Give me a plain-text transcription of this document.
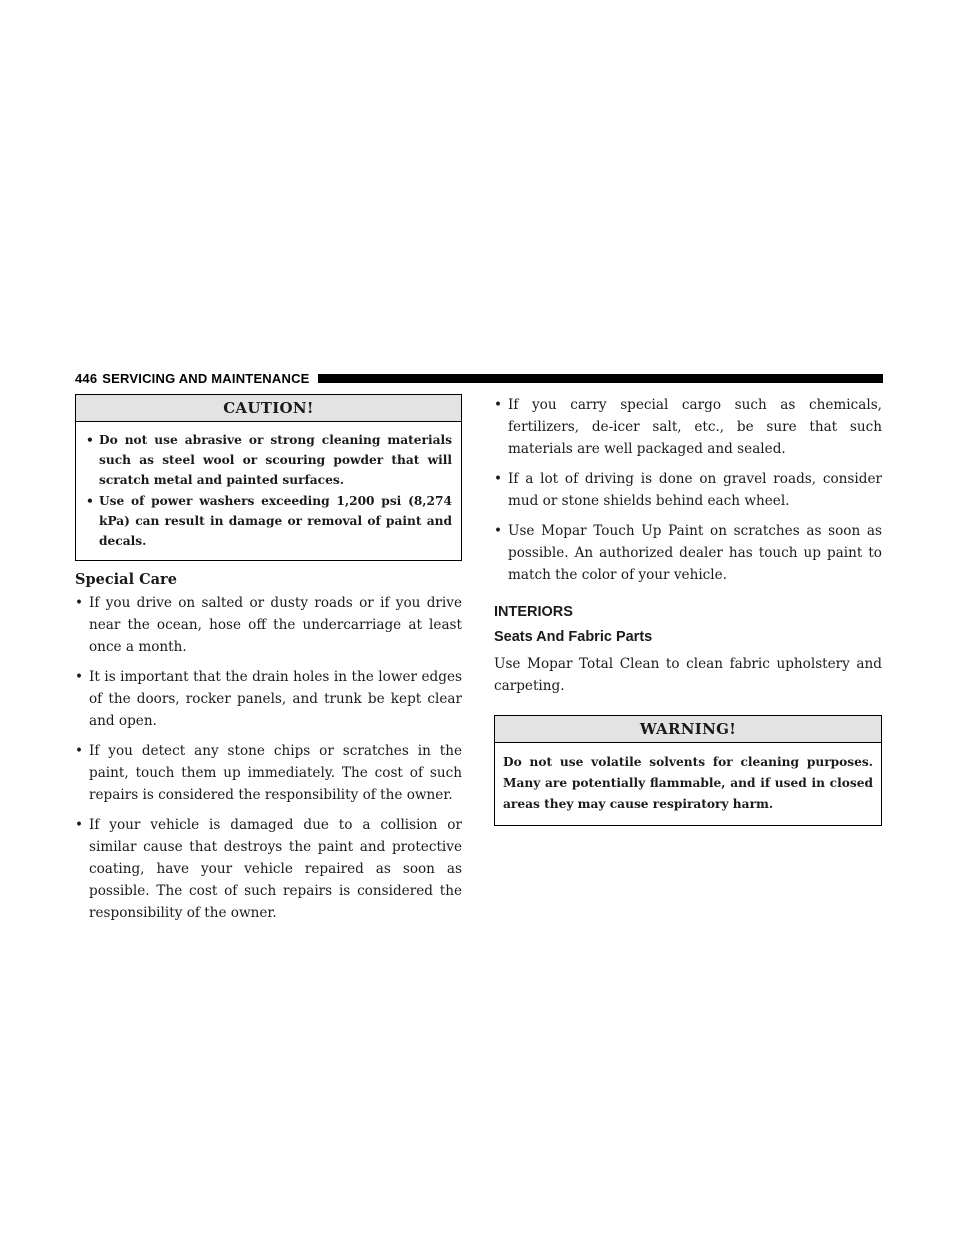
446 SERVICING AND MAINTENANCE
CAUTION!
• Do not use abrasive or strong cleaning materials such as steel wool or scouring powder that will scratch metal and painted surfaces.
• Use of power washers exceeding 1,200 psi (8,274 kPa) can result in damage or removal of paint and decals.
Special Care
• If you drive on salted or dusty roads or if you drive near the ocean, hose off the undercarriage at least once a month.
• It is important that the drain holes in the lower edges of the doors, rocker panels, and trunk be kept clear and open.
• If you detect any stone chips or scratches in the paint, touch them up immediately. The cost of such repairs is considered the responsibility of the owner.
• If your vehicle is damaged due to a collision or similar cause that destroys the paint and protective coating, have your vehicle repaired as soon as possible. The cost of such repairs is considered the responsibility of the owner.
• If you carry special cargo such as chemicals, fertilizers, de-icer salt, etc., be sure that such materials are well packaged and sealed.
• If a lot of driving is done on gravel roads, consider mud or stone shields behind each wheel.
• Use Mopar Touch Up Paint on scratches as soon as possible. An authorized dealer has touch up paint to match the color of your vehicle.
INTERIORS
Seats And Fabric Parts

Use Mopar Total Clean to clean fabric upholstery and carpeting.

WARNING!
Do not use volatile solvents for cleaning purposes. Many are potentially flammable, and if used in closed areas they may cause respiratory harm.
